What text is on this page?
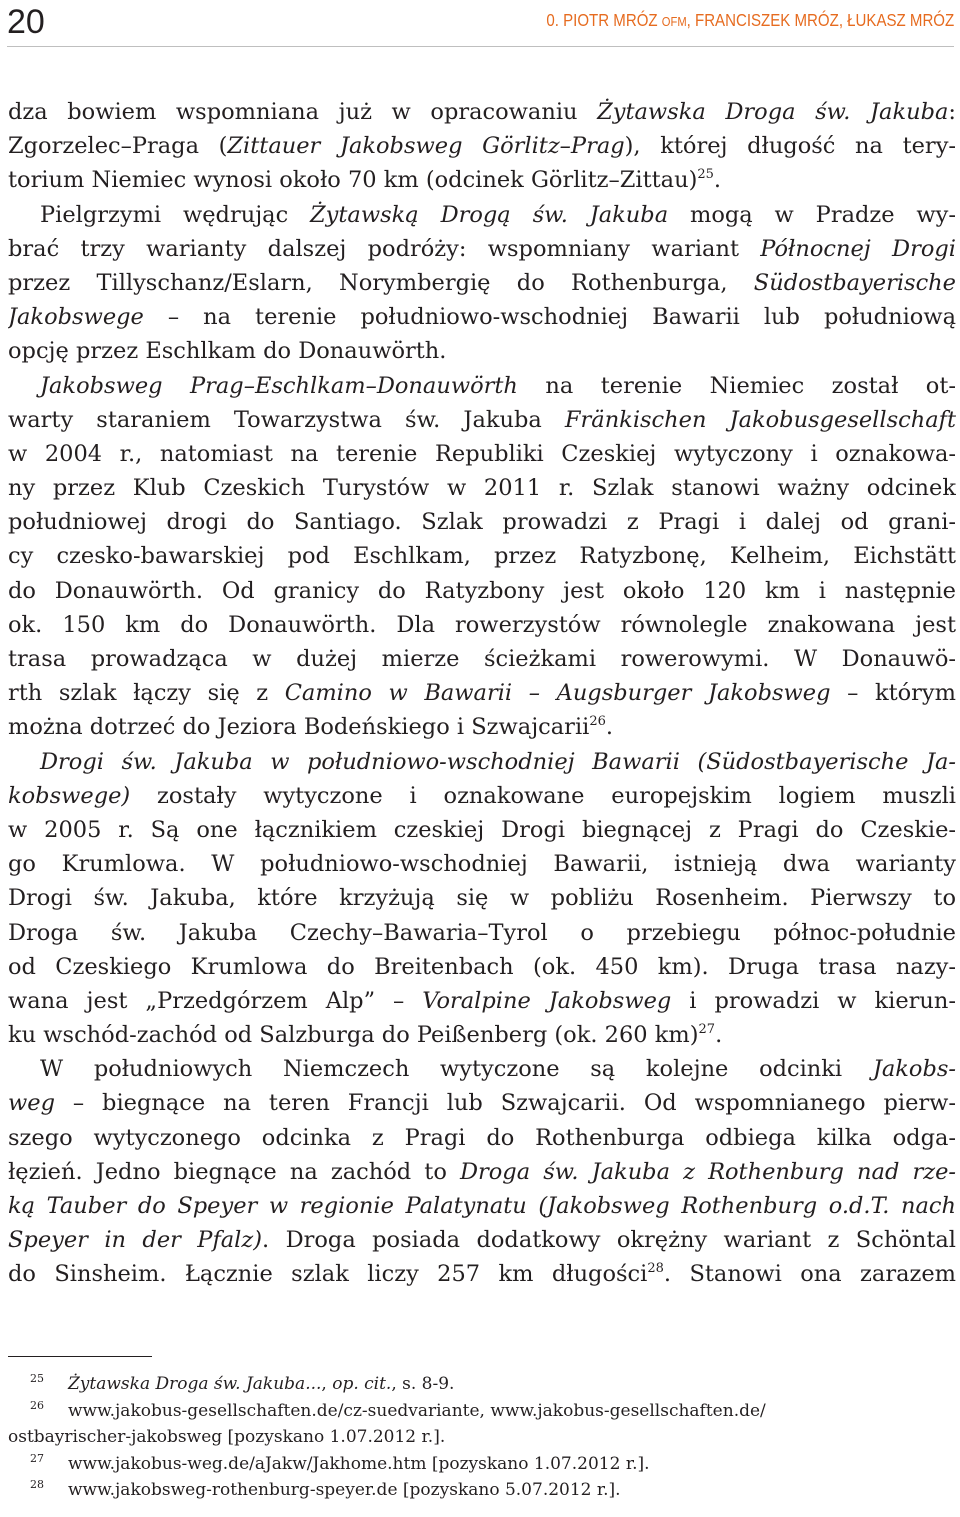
20	0. PIOTR MRÓZ OFM, FRANCISZEK MRÓZ, ŁUKASZ MRÓZ
dza bowiem wspomniana już w opracowaniu Żytawska Droga św. Jakuba:
Zgorzelec–Praga (Zittauer Jakobsweg Görlitz–Prag), której długość na tery-
torium Niemiec wynosi około 70 km (odcinek Görlitz–Zittau)$^{25}$.
Pielgrzymi wędrując Żytawską Drogą św. Jakuba mogą w Pradze wy-
brać trzy warianty dalszej podróży: wspomniany wariant Północnej Drogi
przez Tillyschanz/Eslarn, Norymbergię do Rothenburga, Südostbayerische
Jakobswege – na terenie południowo-wschodniej Bawarii lub południową
opcję przez Eschlkam do Donauwörth.
Jakobsweg Prag–Eschlkam–Donauwörth na terenie Niemiec został ot-
warty staraniem Towarzystwa św. Jakuba Fränkischen Jakobusgesellschaft
w 2004 r., natomiast na terenie Republiki Czeskiej wytyczony i oznakowa-
ny przez Klub Czeskich Turystów w 2011 r. Szlak stanowi ważny odcinek
południowej drogi do Santiago. Szlak prowadzi z Pragi i dalej od grani-
cy czesko-bawarskiej pod Eschlkam, przez Ratyzbonę, Kelheim, Eichstätt
do Donauwörth. Od granicy do Ratyzbony jest około 120 km i następnie
ok. 150 km do Donauwörth. Dla rowerzystów równolegle znakowana jest
trasa prowadząca w dużej mierze ścieżkami rowerowymi. W Donauwö-
rth szlak łączy się z Camino w Bawarii – Augsburger Jakobsweg – którym
można dotrzeć do Jeziora Bodeńskiego i Szwajcarii$^{26}$.
Drogi św. Jakuba w południowo-wschodniej Bawarii (Südostbayerische Ja-
kobswege) zostały wytyczone i oznakowane europejskim logiem muszli
w 2005 r. Są one łącznikiem czeskiej Drogi biegnącej z Pragi do Czeskie-
go Krumlowa. W południowo-wschodniej Bawarii, istnieją dwa warianty
Drogi św. Jakuba, które krzyżują się w pobliżu Rosenheim. Pierwszy to
Droga św. Jakuba Czechy–Bawaria–Tyrol o przebiegu północ-południe
od Czeskiego Krumlowa do Breitenbach (ok. 450 km). Druga trasa nazy-
wana jest „Przedgórzem Alp” – Voralpine Jakobsweg i prowadzi w kierun-
ku wschód-zachód od Salzburga do Peißenberg (ok. 260 km)$^{27}$.
W południowych Niemczech wytyczone są kolejne odcinki Jakobs-
weg – biegnące na teren Francji lub Szwajcarii. Od wspomnianego pierw-
szego wytyczonego odcinka z Pragi do Rothenburga odbiega kilka odga-
łęzień. Jedno biegnące na zachód to Droga św. Jakuba z Rothenburg nad rze-
ką Tauber do Speyer w regionie Palatynatu (Jakobsweg Rothenburg o.d.T. nach
Speyer in der Pfalz). Droga posiada dodatkowy okrężny wariant z Schöntal
do Sinsheim. Łącznie szlak liczy 257 km długości$^{28}$. Stanowi ona zarazem
25 Żytawska Droga św. Jakuba..., op. cit., s. 8-9.
26 www.jakobus-gesellschaften.de/cz-suedvariante, www.jakobus-gesellschaften.de/
ostbayrischer-jakobsweg [pozyskano 1.07.2012 r.].
27 www.jakobus-weg.de/aJakw/Jakhome.htm [pozyskano 1.07.2012 r.].
28 www.jakobsweg-rothenburg-speyer.de [pozyskano 5.07.2012 r.].
